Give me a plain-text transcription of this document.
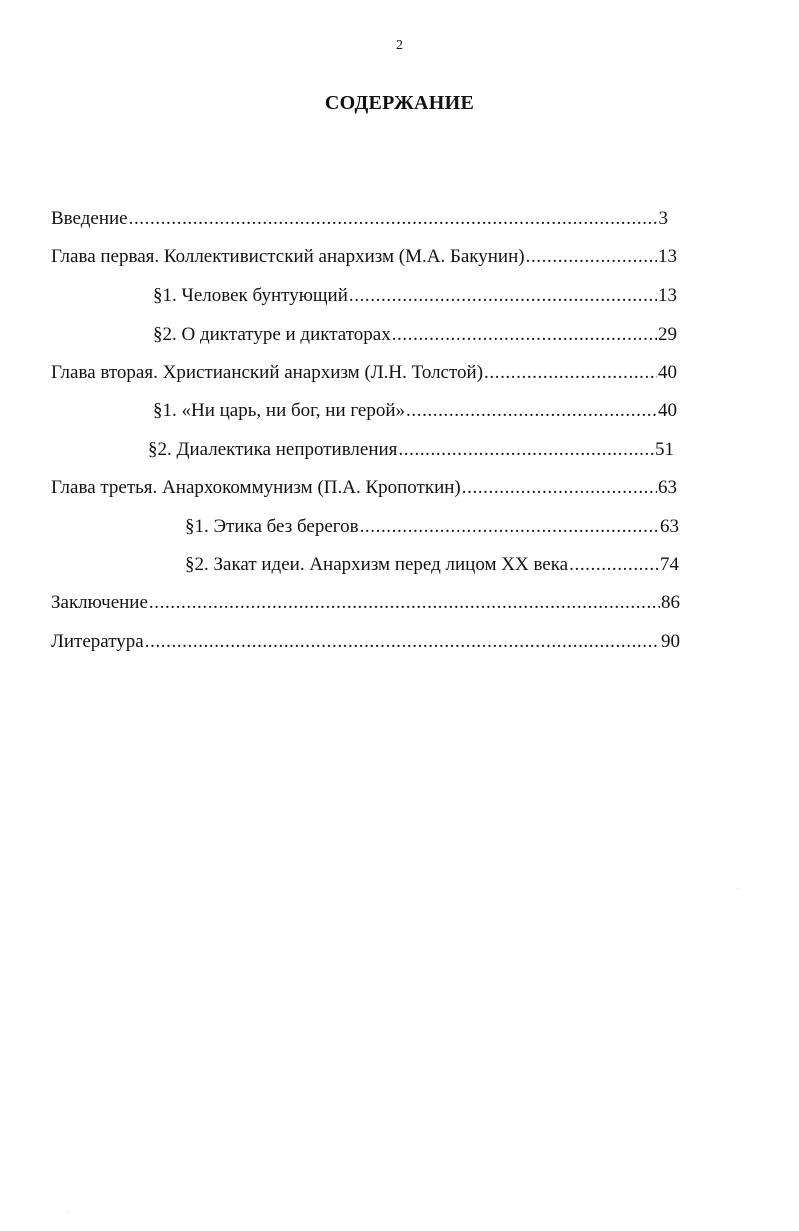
2
СОДЕРЖАНИЕ
Введение .....	3
Глава первая. Коллективистский анархизм (М.А. Бакунин) .....	13
§1. Человек бунтующий .....	13
§2. О диктатуре и диктаторах .....	29
Глава вторая. Христианский анархизм (Л.Н. Толстой) .....	40
§1. «Ни царь, ни бог, ни герой» .....	40
§2. Диалектика непротивления .....	51
Глава третья. Анархокоммунизм (П.А. Кропоткин) .....	63
§1. Этика без берегов .....	63
§2. Закат идеи. Анархизм перед лицом XX века .....	74
Заключение .....	86
Литература .....	90
